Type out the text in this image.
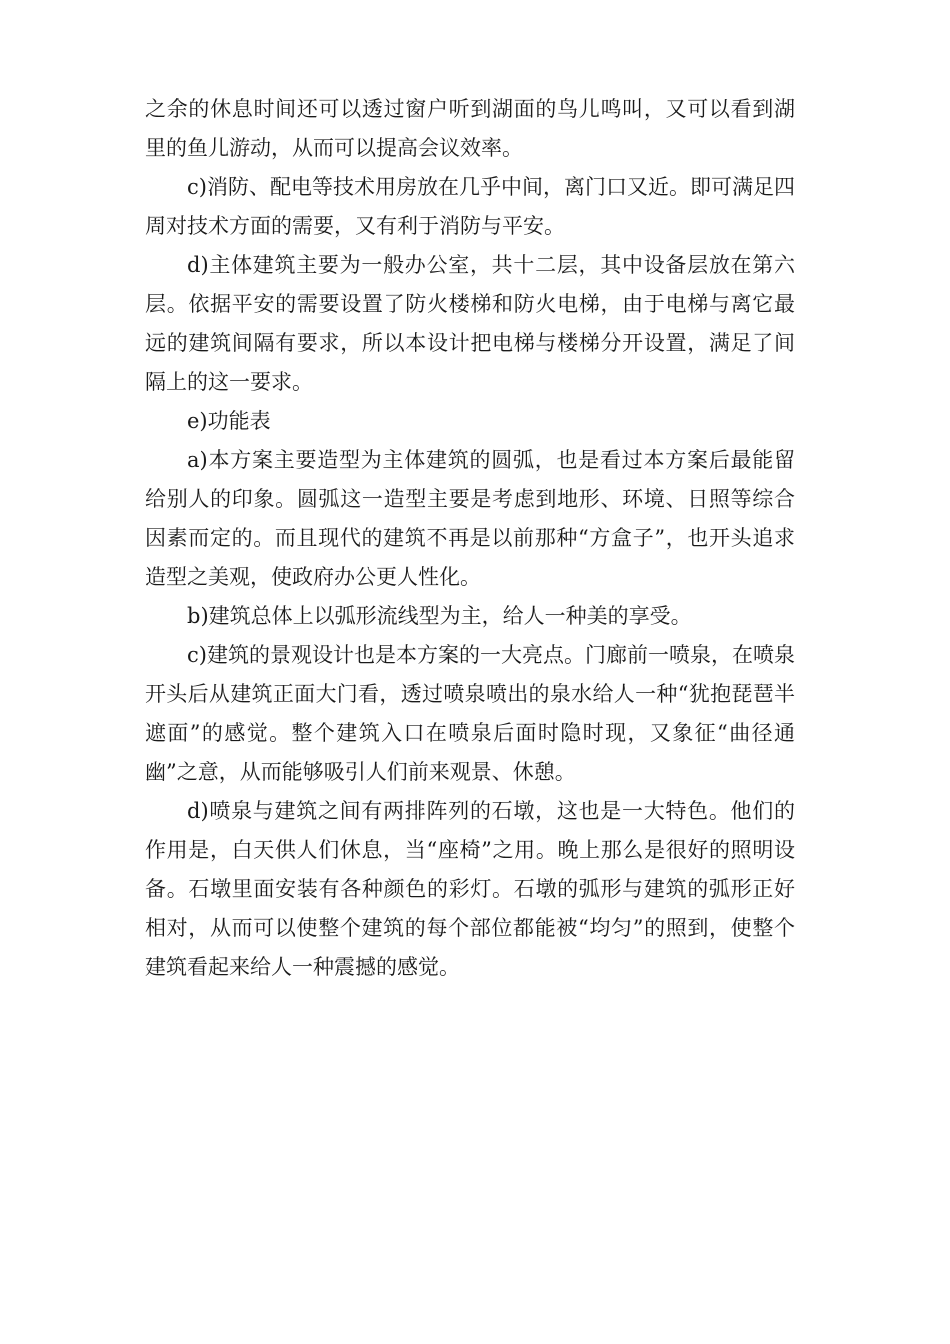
之余的休息时间还可以透过窗户听到湖面的鸟儿鸣叫，又可以看到湖里的鱼儿游动，从而可以提高会议效率。

c)消防、配电等技术用房放在几乎中间，离门口又近。即可满足四周对技术方面的需要，又有利于消防与平安。

d)主体建筑主要为一般办公室，共十二层，其中设备层放在第六层。依据平安的需要设置了防火楼梯和防火电梯，由于电梯与离它最远的建筑间隔有要求，所以本设计把电梯与楼梯分开设置，满足了间隔上的这一要求。

e)功能表

a)本方案主要造型为主体建筑的圆弧，也是看过本方案后最能留给别人的印象。圆弧这一造型主要是考虑到地形、环境、日照等综合因素而定的。而且现代的建筑不再是以前那种“方盒子”，也开头追求造型之美观，使政府办公更人性化。

b)建筑总体上以弧形流线型为主，给人一种美的享受。

c)建筑的景观设计也是本方案的一大亮点。门廊前一喷泉，在喷泉开头后从建筑正面大门看，透过喷泉喷出的泉水给人一种“犹抱琵琶半遮面”的感觉。整个建筑入口在喷泉后面时隐时现，又象征“曲径通幽”之意，从而能够吸引人们前来观景、休憩。

d)喷泉与建筑之间有两排阵列的石墩，这也是一大特色。他们的作用是，白天供人们休息，当“座椅”之用。晚上那么是很好的照明设备。石墩里面安装有各种颜色的彩灯。石墩的弧形与建筑的弧形正好相对，从而可以使整个建筑的每个部位都能被“均匀”的照到，使整个建筑看起来给人一种震撼的感觉。
